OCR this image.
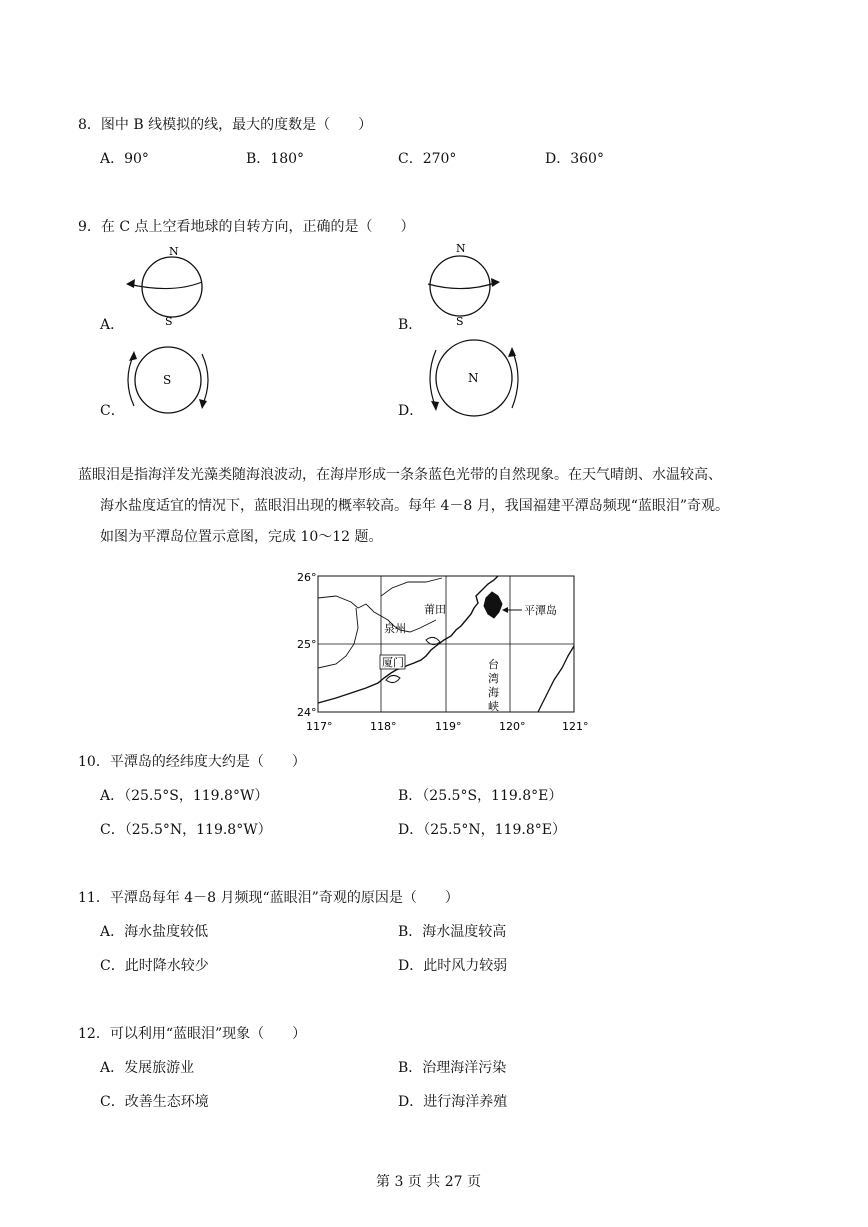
8．图中 B 线模拟的线，最大的度数是（　　）
A．90°	B．180°	C．270°	D．360°
9．在 C 点上空看地球的自转方向，正确的是（　　）
A．
N
S	B．
N
S
C．
S
D．
N
蓝眼泪是指海洋发光藻类随海浪波动，在海岸形成一条条蓝色光带的自然现象。在天气晴朗、水温较高、
海水盐度适宜的情况下，蓝眼泪出现的概率较高。每年 4－8 月，我国福建平潭岛频现“蓝眼泪”奇观。
如图为平潭岛位置示意图，完成 10～12 题。
莆田
泉州
厦门
平潭岛
台
湾
海
峡
26°
25°
24°
117°	118°	119°	120°	121°
10．平潭岛的经纬度大约是（　　）
A．（25.5°S，119.8°W）	B．（25.5°S，119.8°E）
C．（25.5°N，119.8°W）	D．（25.5°N，119.8°E）
11．平潭岛每年 4－8 月频现“蓝眼泪”奇观的原因是（　　）
A．海水盐度较低	B．海水温度较高
C．此时降水较少	D．此时风力较弱
12．可以利用“蓝眼泪”现象（　　）
A．发展旅游业	B．治理海洋污染
C．改善生态环境	D．进行海洋养殖
第 3 页 共 27 页
